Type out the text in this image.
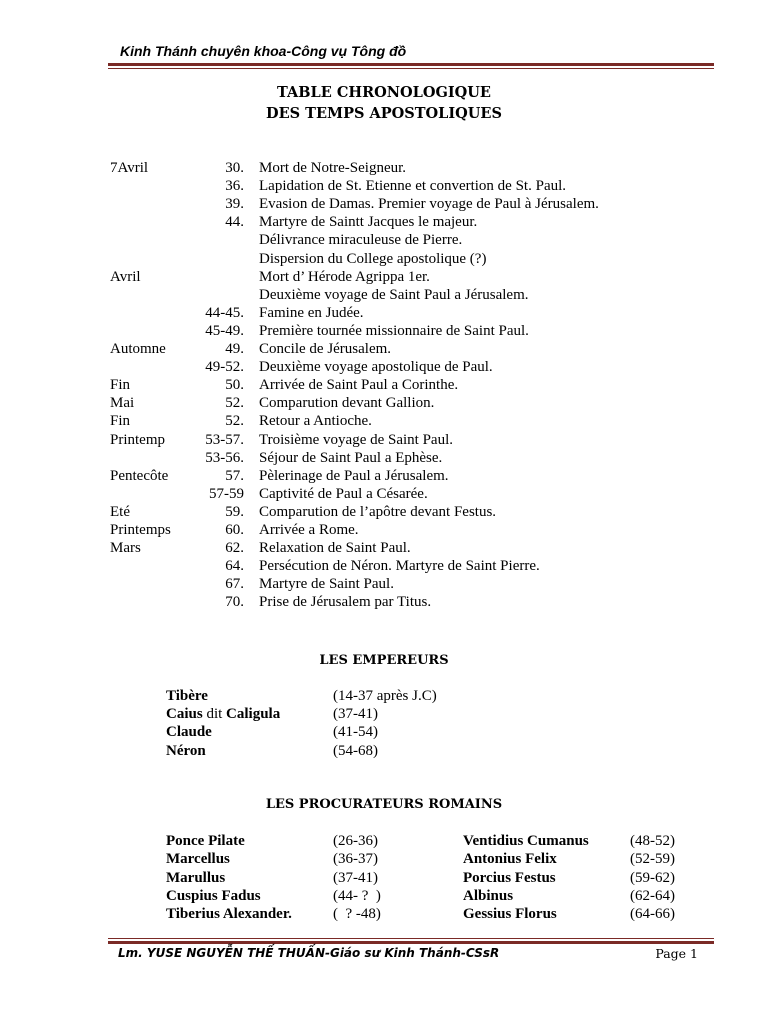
Kinh Thánh chuyên khoa-Công vụ Tông đồ
TABLE CHRONOLOGIQUE
DES TEMPS APOSTOLIQUES
7Avril	30. Mort de Notre-Seigneur.
36. Lapidation de St. Etienne et convertion de St. Paul.
39. Evasion de Damas. Premier voyage de Paul à Jérusalem.
44. Martyre de Saintt Jacques le majeur.
Délivrance miraculeuse de Pierre.
Dispersion du College apostolique (?)
Avril	Mort d’ Hérode Agrippa 1er.
Deuxième voyage de Saint Paul a Jérusalem.
44-45. Famine en Judée.
45-49. Première tournée missionnaire de Saint Paul.
Automne	49. Concile de Jérusalem.
49-52. Deuxième voyage apostolique de Paul.
Fin	50. Arrivée de Saint Paul a Corinthe.
Mai	52. Comparution devant Gallion.
Fin	52. Retour a Antioche.
Printemp	53-57. Troisième voyage de Saint Paul.
53-56. Séjour de Saint Paul a Ephèse.
Pentecôte	57. Pèlerinage de Paul a Jérusalem.
57-59 Captivité de Paul a Césarée.
Eté	59. Comparution de l’apôtre devant Festus.
Printemps	60. Arrivée a Rome.
Mars	62. Relaxation de Saint Paul.
64. Persécution de Néron. Martyre de Saint Pierre.
67. Martyre de Saint Paul.
70. Prise de Jérusalem par Titus.
LES EMPEREURS
Tibère	(14-37 après J.C)
Caius dit Caligula	(37-41)
Claude	(41-54)
Néron	(54-68)
LES PROCURATEURS ROMAINS
Ponce Pilate	(26-36)	Ventidius Cumanus	(48-52)
Marcellus	(36-37)	Antonius Felix	(52-59)
Marullus	(37-41)	Porcius Festus	(59-62)
Cuspius Fadus	(44- ?  )	Albinus	(62-64)
Tiberius Alexander.	(  ? -48)	Gessius Florus	(64-66)
Lm. YUSE NGUYỄN THẾ THUẤN-Giáo sư Kinh Thánh-CSsR	Page 1
